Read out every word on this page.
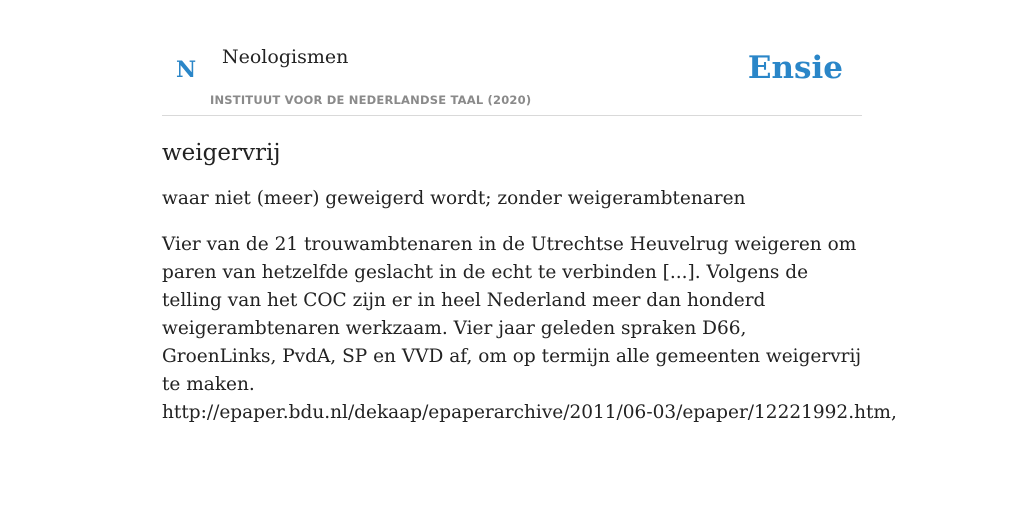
N Neologismen
INSTITUUT VOOR DE NEDERLANDSE TAAL (2020)
Ensie
weigervrij

waar niet (meer) geweigerd wordt; zonder weigerambtenaren

Vier van de 21 trouwambtenaren in de Utrechtse Heuvelrug weigeren om paren van hetzelfde geslacht in de echt te verbinden [...]. Volgens de telling van het COC zijn er in heel Nederland meer dan honderd weigerambtenaren werkzaam. Vier jaar geleden spraken D66, GroenLinks, PvdA, SP en VVD af, om op termijn alle gemeenten weigervrij te maken.
http://epaper.bdu.nl/dekaap/epaperarchive/2011/06-03/epaper/12221992.htm,
